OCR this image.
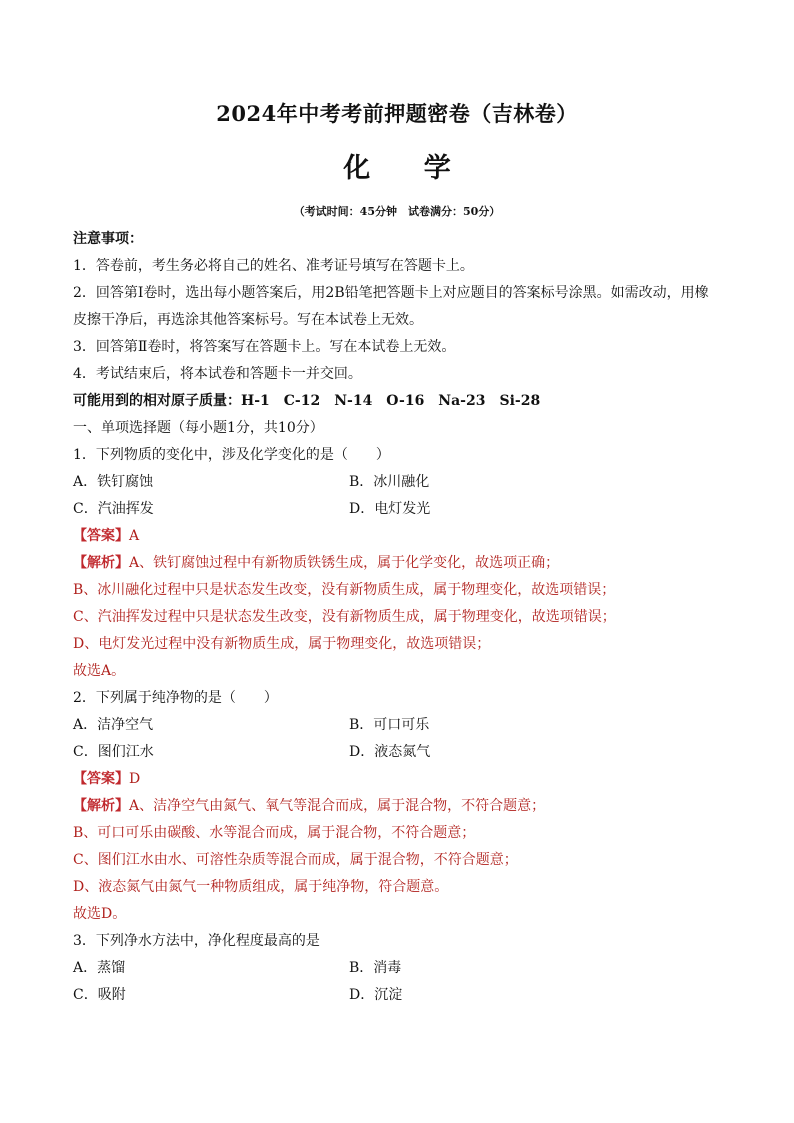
2024年中考考前押题密卷（吉林卷）
化 学
（考试时间：45分钟　试卷满分：50分）
注意事项：
1．答卷前，考生务必将自己的姓名、准考证号填写在答题卡上。
2．回答第Ⅰ卷时，选出每小题答案后，用2B铅笔把答题卡上对应题目的答案标号涂黑。如需改动，用橡
皮擦干净后，再选涂其他答案标号。写在本试卷上无效。
3．回答第Ⅱ卷时，将答案写在答题卡上。写在本试卷上无效。
4．考试结束后，将本试卷和答题卡一并交回。
可能用到的相对原子质量：H-1　C-12　N-14　O-16　Na-23　Si-28
一、单项选择题（每小题1分，共10分）
1．下列物质的变化中，涉及化学变化的是（　　）
A．铁钉腐蚀	B．冰川融化
C．汽油挥发	D．电灯发光
【答案】A
【解析】A、铁钉腐蚀过程中有新物质铁锈生成，属于化学变化，故选项正确；
B、冰川融化过程中只是状态发生改变，没有新物质生成，属于物理变化，故选项错误；
C、汽油挥发过程中只是状态发生改变，没有新物质生成，属于物理变化，故选项错误；
D、电灯发光过程中没有新物质生成，属于物理变化，故选项错误；
故选A。
2．下列属于纯净物的是（　　）
A．洁净空气	B．可口可乐
C．图们江水	D．液态氮气
【答案】D
【解析】A、洁净空气由氮气、氧气等混合而成，属于混合物，不符合题意；
B、可口可乐由碳酸、水等混合而成，属于混合物，不符合题意；
C、图们江水由水、可溶性杂质等混合而成，属于混合物，不符合题意；
D、液态氮气由氮气一种物质组成，属于纯净物，符合题意。
故选D。
3．下列净水方法中，净化程度最高的是
A．蒸馏	B．消毒
C．吸附	D．沉淀
